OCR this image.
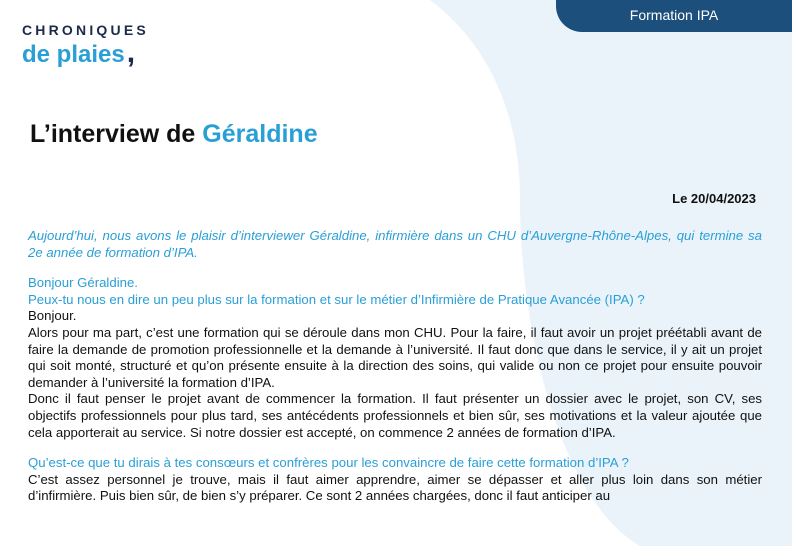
Formation IPA
CHRONIQUES
de plaies,
L’interview de Géraldine
Le 20/04/2023

Aujourd’hui, nous avons le plaisir d’interviewer Géraldine, infirmière dans un CHU d’Auvergne-Rhône-Alpes, qui termine sa 2e année de formation d’IPA.

Bonjour Géraldine.

Peux-tu nous en dire un peu plus sur la formation et sur le métier d’Infirmière de Pratique Avancée (IPA) ?

Bonjour.

Alors pour ma part, c’est une formation qui se déroule dans mon CHU. Pour la faire, il faut avoir un projet préétabli avant de faire la demande de promotion professionnelle et la demande à l’université. Il faut donc que dans le service, il y ait un projet qui soit monté, structuré et qu’on présente ensuite à la direction des soins, qui valide ou non ce projet pour ensuite pouvoir demander à l’université la formation d’IPA.

Donc il faut penser le projet avant de commencer la formation. Il faut présenter un dossier avec le projet, son CV, ses objectifs professionnels pour plus tard, ses antécédents professionnels et bien sûr, ses motivations et la valeur ajoutée que cela apporterait au service. Si notre dossier est accepté, on commence 2 années de formation d’IPA.

Qu’est-ce que tu dirais à tes consœurs et confrères pour les convaincre de faire cette formation d’IPA ?

C’est assez personnel je trouve, mais il faut aimer apprendre, aimer se dépasser et aller plus loin dans son métier d’infirmière. Puis bien sûr, de bien s’y préparer. Ce sont 2 années chargées, donc il faut anticiper au
